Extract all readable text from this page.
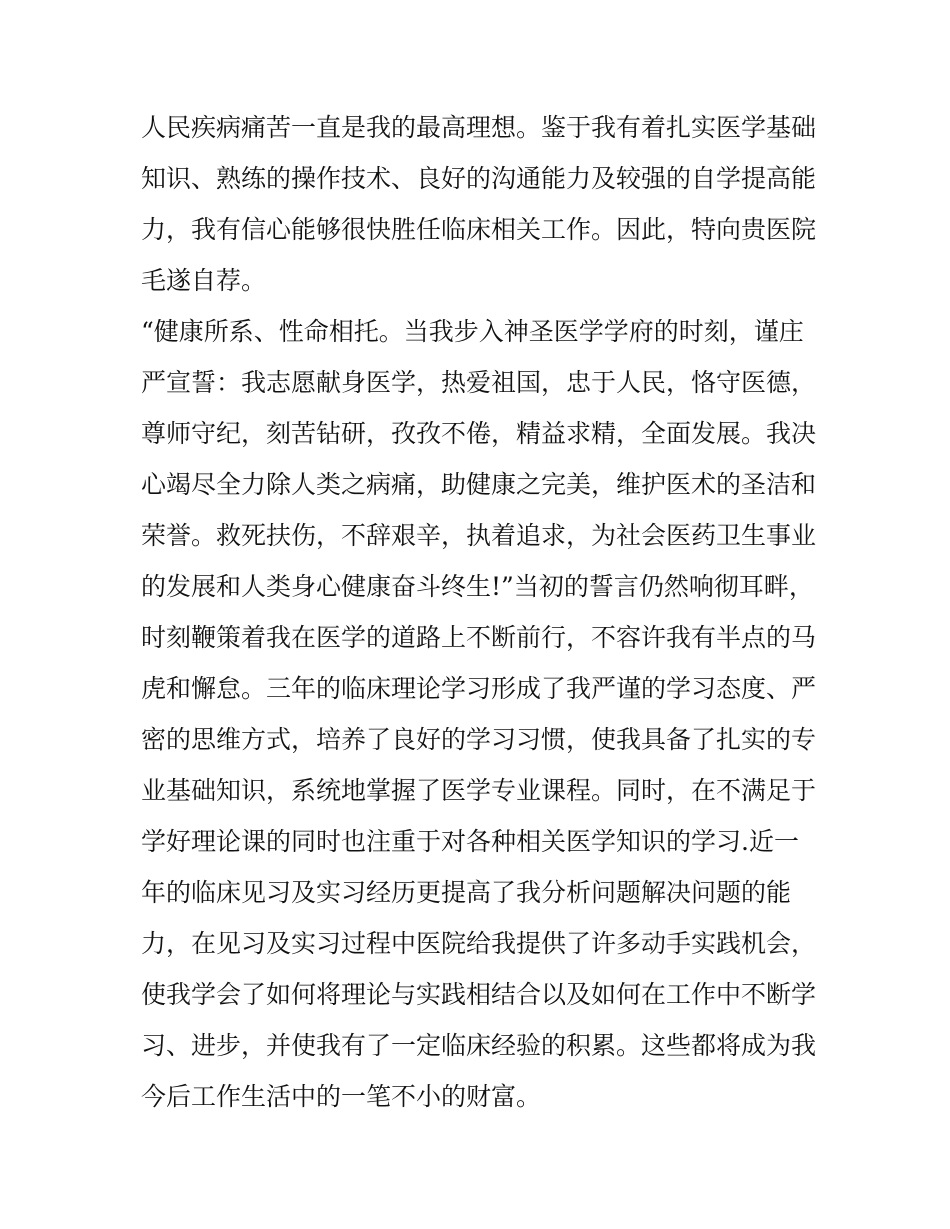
人民疾病痛苦一直是我的最高理想。鉴于我有着扎实医学基础
知识、熟练的操作技术、良好的沟通能力及较强的自学提高能
力，我有信心能够很快胜任临床相关工作。因此，特向贵医院
毛遂自荐。
“健康所系、性命相托。当我步入神圣医学学府的时刻，谨庄
严宣誓：我志愿献身医学，热爱祖国，忠于人民，恪守医德，
尊师守纪，刻苦钻研，孜孜不倦，精益求精，全面发展。我决
心竭尽全力除人类之病痛，助健康之完美，维护医术的圣洁和
荣誉。救死扶伤，不辞艰辛，执着追求，为社会医药卫生事业
的发展和人类身心健康奋斗终生!”当初的誓言仍然响彻耳畔，
时刻鞭策着我在医学的道路上不断前行，不容许我有半点的马
虎和懈怠。三年的临床理论学习形成了我严谨的学习态度、严
密的思维方式，培养了良好的学习习惯，使我具备了扎实的专
业基础知识，系统地掌握了医学专业课程。同时，在不满足于
学好理论课的同时也注重于对各种相关医学知识的学习.近一
年的临床见习及实习经历更提高了我分析问题解决问题的能
力，在见习及实习过程中医院给我提供了许多动手实践机会，
使我学会了如何将理论与实践相结合以及如何在工作中不断学
习、进步，并使我有了一定临床经验的积累。这些都将成为我
今后工作生活中的一笔不小的财富。
